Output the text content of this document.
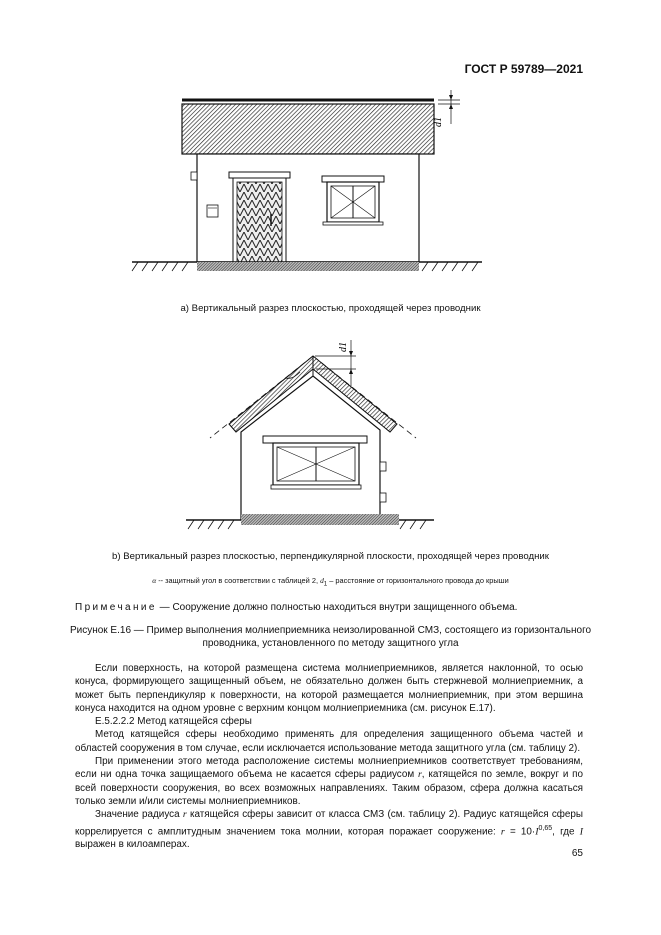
ГОСТ Р 59789—2021
d1
d1
а) Вертикальный разрез плоскостью, проходящей через проводник
b) Вертикальный разрез плоскостью, перпендикулярной плоскости, проходящей через проводник
α -- защитный угол в соответствии с таблицей 2, $d_1$ – расстояние от горизонтального провода до крыши
Примечание — Сооружение должно полностью находиться внутри защищенного объема.
Рисунок Е.16 — Пример выполнения молниеприемника неизолированной СМЗ, состоящего из горизонтального проводника, установленного по методу защитного угла

Если поверхность, на которой размещена система молниеприемников, является наклонной, то осью конуса, формирующего защищенный объем, не обязательно должен быть стержневой молниеприемник, а может быть перпендикуляр к поверхности, на которой размещается молниеприемник, при этом вершина конуса находится на одном уровне с верхним концом молниеприемника (см. рисунок Е.17).

Е.5.2.2.2 Метод катящейся сферы

Метод катящейся сферы необходимо применять для определения защищенного объема частей и областей сооружения в том случае, если исключается использование метода защитного угла (см. таблицу 2).

При применении этого метода расположение системы молниеприемников соответствует требованиям, если ни одна точка защищаемого объема не касается сферы радиусом r, катящейся по земле, вокруг и по всей поверхности сооружения, во всех возможных направлениях. Таким образом, сфера должна касаться только земли и/или системы молниеприемников.

Значение радиуса r катящейся сферы зависит от класса СМЗ (см. таблицу 2). Радиус катящейся сферы коррелируется с амплитудным значением тока молнии, которая поражает сооружение: $r = 10\cdot I^{0,65}$, где I выражен в килоамперах.

65
